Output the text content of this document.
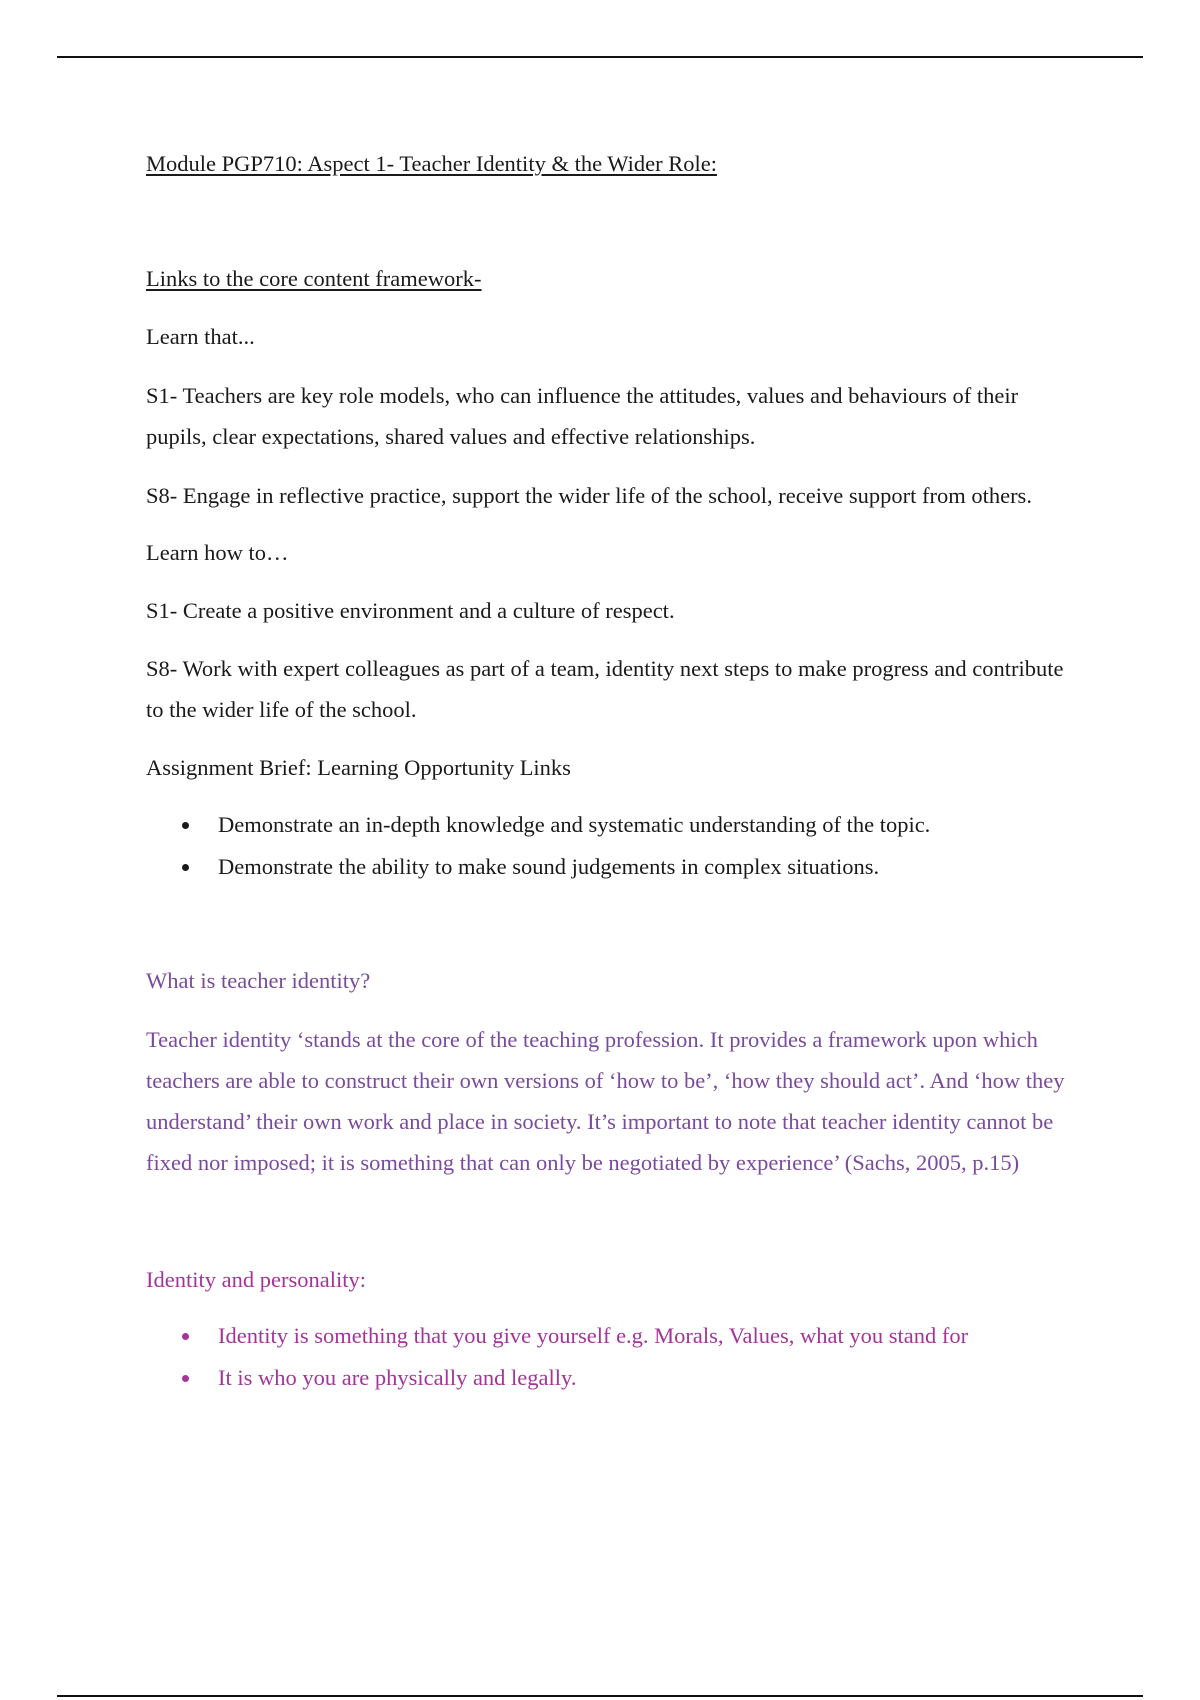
Module PGP710: Aspect 1- Teacher Identity & the Wider Role:

Links to the core content framework-

Learn that...

S1- Teachers are key role models, who can influence the attitudes, values and behaviours of their pupils, clear expectations, shared values and effective relationships.

S8- Engage in reflective practice, support the wider life of the school, receive support from others.

Learn how to…

S1- Create a positive environment and a culture of respect.

S8- Work with expert colleagues as part of a team, identity next steps to make progress and contribute to the wider life of the school.

Assignment Brief: Learning Opportunity Links

Demonstrate an in-depth knowledge and systematic understanding of the topic.
Demonstrate the ability to make sound judgements in complex situations.

What is teacher identity?

Teacher identity ‘stands at the core of the teaching profession. It provides a framework upon which teachers are able to construct their own versions of ‘how to be’, ‘how they should act’. And ‘how they understand’ their own work and place in society. It’s important to note that teacher identity cannot be fixed nor imposed; it is something that can only be negotiated by experience’ (Sachs, 2005, p.15)

Identity and personality:

Identity is something that you give yourself e.g. Morals, Values, what you stand for
It is who you are physically and legally.
